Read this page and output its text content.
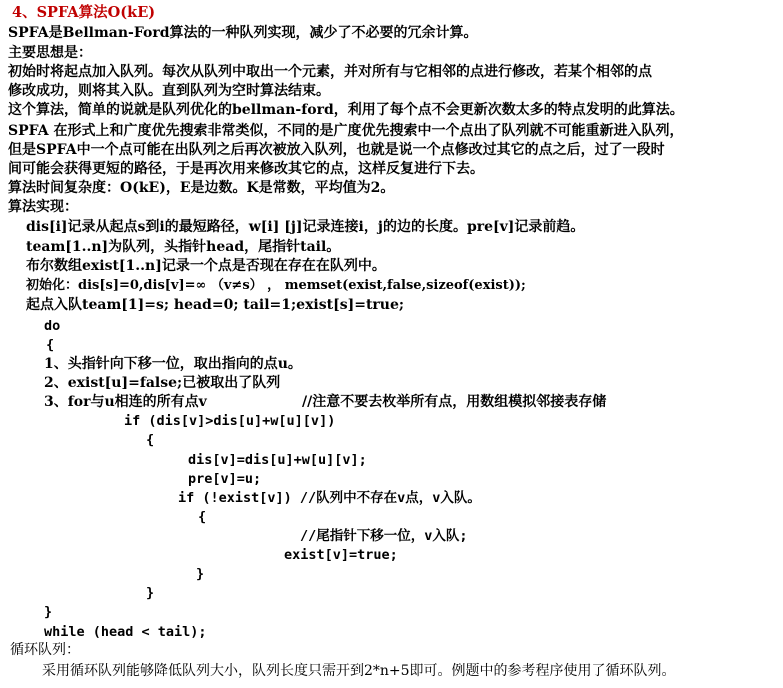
4、SPFA算法O(kE)
SPFA是Bellman-Ford算法的一种队列实现，减少了不必要的冗余计算。
主要思想是：
初始时将起点加入队列。每次从队列中取出一个元素，并对所有与它相邻的点进行修改，若某个相邻的点
修改成功，则将其入队。直到队列为空时算法结束。
这个算法，简单的说就是队列优化的bellman-ford，利用了每个点不会更新次数太多的特点发明的此算法。
SPFA 在形式上和广度优先搜索非常类似，不同的是广度优先搜索中一个点出了队列就不可能重新进入队列，
但是SPFA中一个点可能在出队列之后再次被放入队列，也就是说一个点修改过其它的点之后，过了一段时
间可能会获得更短的路径，于是再次用来修改其它的点，这样反复进行下去。
算法时间复杂度：O(kE)，E是边数。K是常数，平均值为2。
算法实现：
dis[i]记录从起点s到i的最短路径，w[i] [j]记录连接i，j的边的长度。pre[v]记录前趋。
team[1..n]为队列，头指针head，尾指针tail。
布尔数组exist[1..n]记录一个点是否现在存在在队列中。
初始化：dis[s]=0,dis[v]=∞ （v≠s） ， memset(exist,false,sizeof(exist));
起点入队team[1]=s; head=0; tail=1;exist[s]=true;
do
{
1、头指针向下移一位，取出指向的点u。
2、exist[u]=false;已被取出了队列
3、for与u相连的所有点v	//注意不要去枚举所有点，用数组模拟邻接表存储
if (dis[v]>dis[u]+w[u][v])
{
dis[v]=dis[u]+w[u][v];
pre[v]=u;
if (!exist[v]) //队列中不存在v点，v入队。
{
//尾指针下移一位，v入队;
exist[v]=true;
}
}
}
while (head < tail);
循环队列：
采用循环队列能够降低队列大小，队列长度只需开到2*n+5即可。例题中的参考程序使用了循环队列。
